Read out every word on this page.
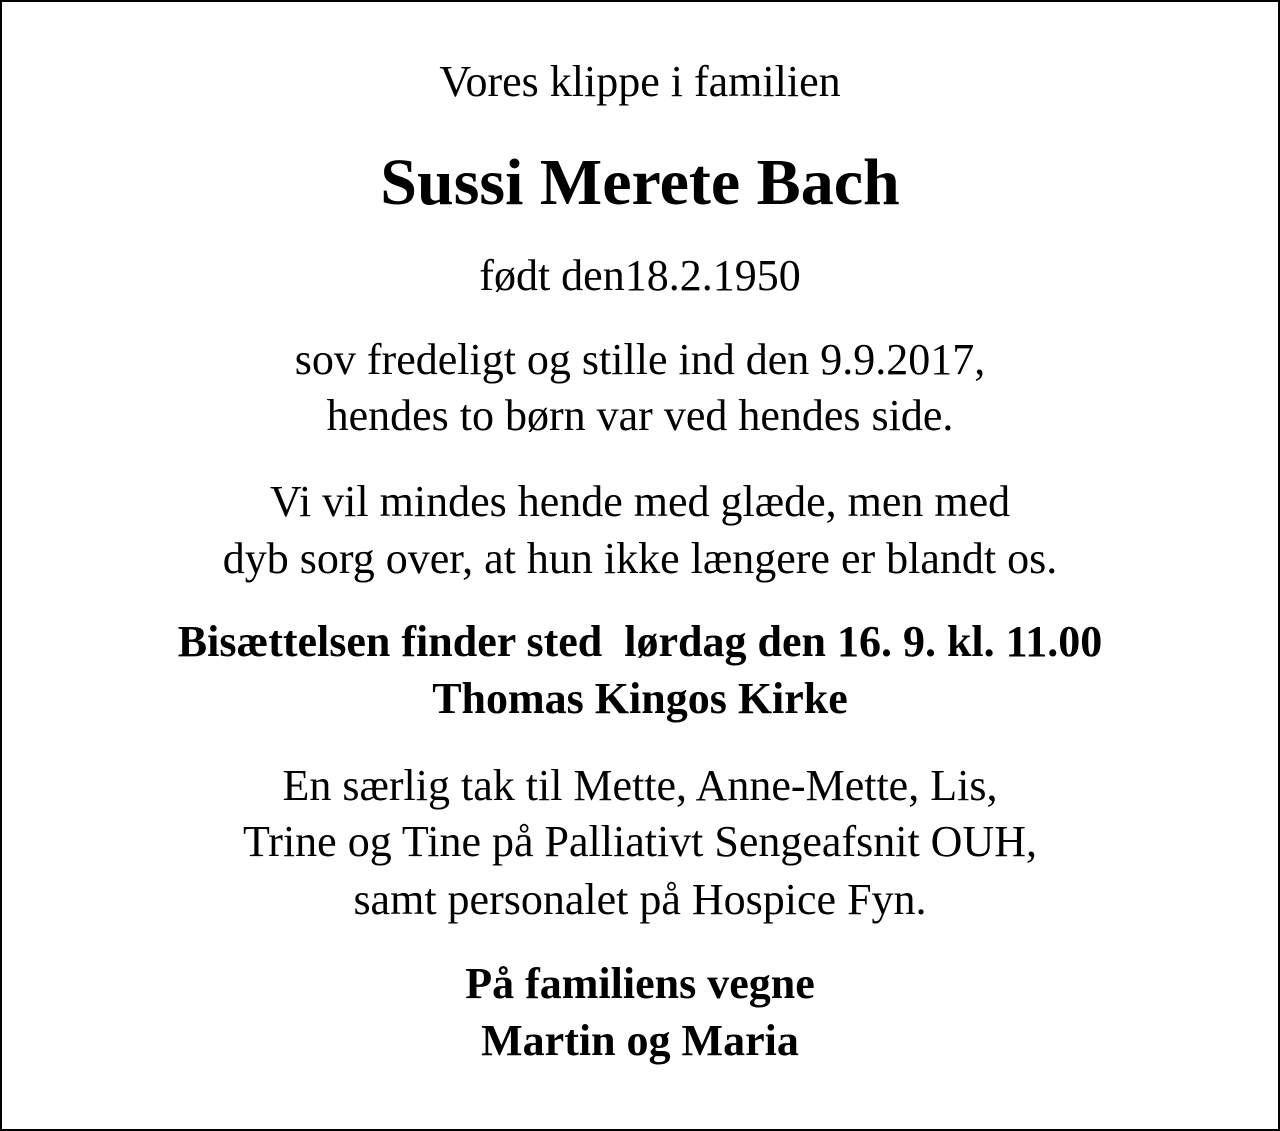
Vores klippe i familien

Sussi Merete Bach

født den18.2.1950

sov fredeligt og stille ind den 9.9.2017,

hendes to børn var ved hendes side.

Vi vil mindes hende med glæde, men med

dyb sorg over, at hun ikke længere er blandt os.

Bisættelsen finder sted  lørdag den 16. 9. kl. 11.00

Thomas Kingos Kirke

En særlig tak til Mette, Anne-Mette, Lis,

Trine og Tine på Palliativt Sengeafsnit OUH,

samt personalet på Hospice Fyn.

På familiens vegne

Martin og Maria
